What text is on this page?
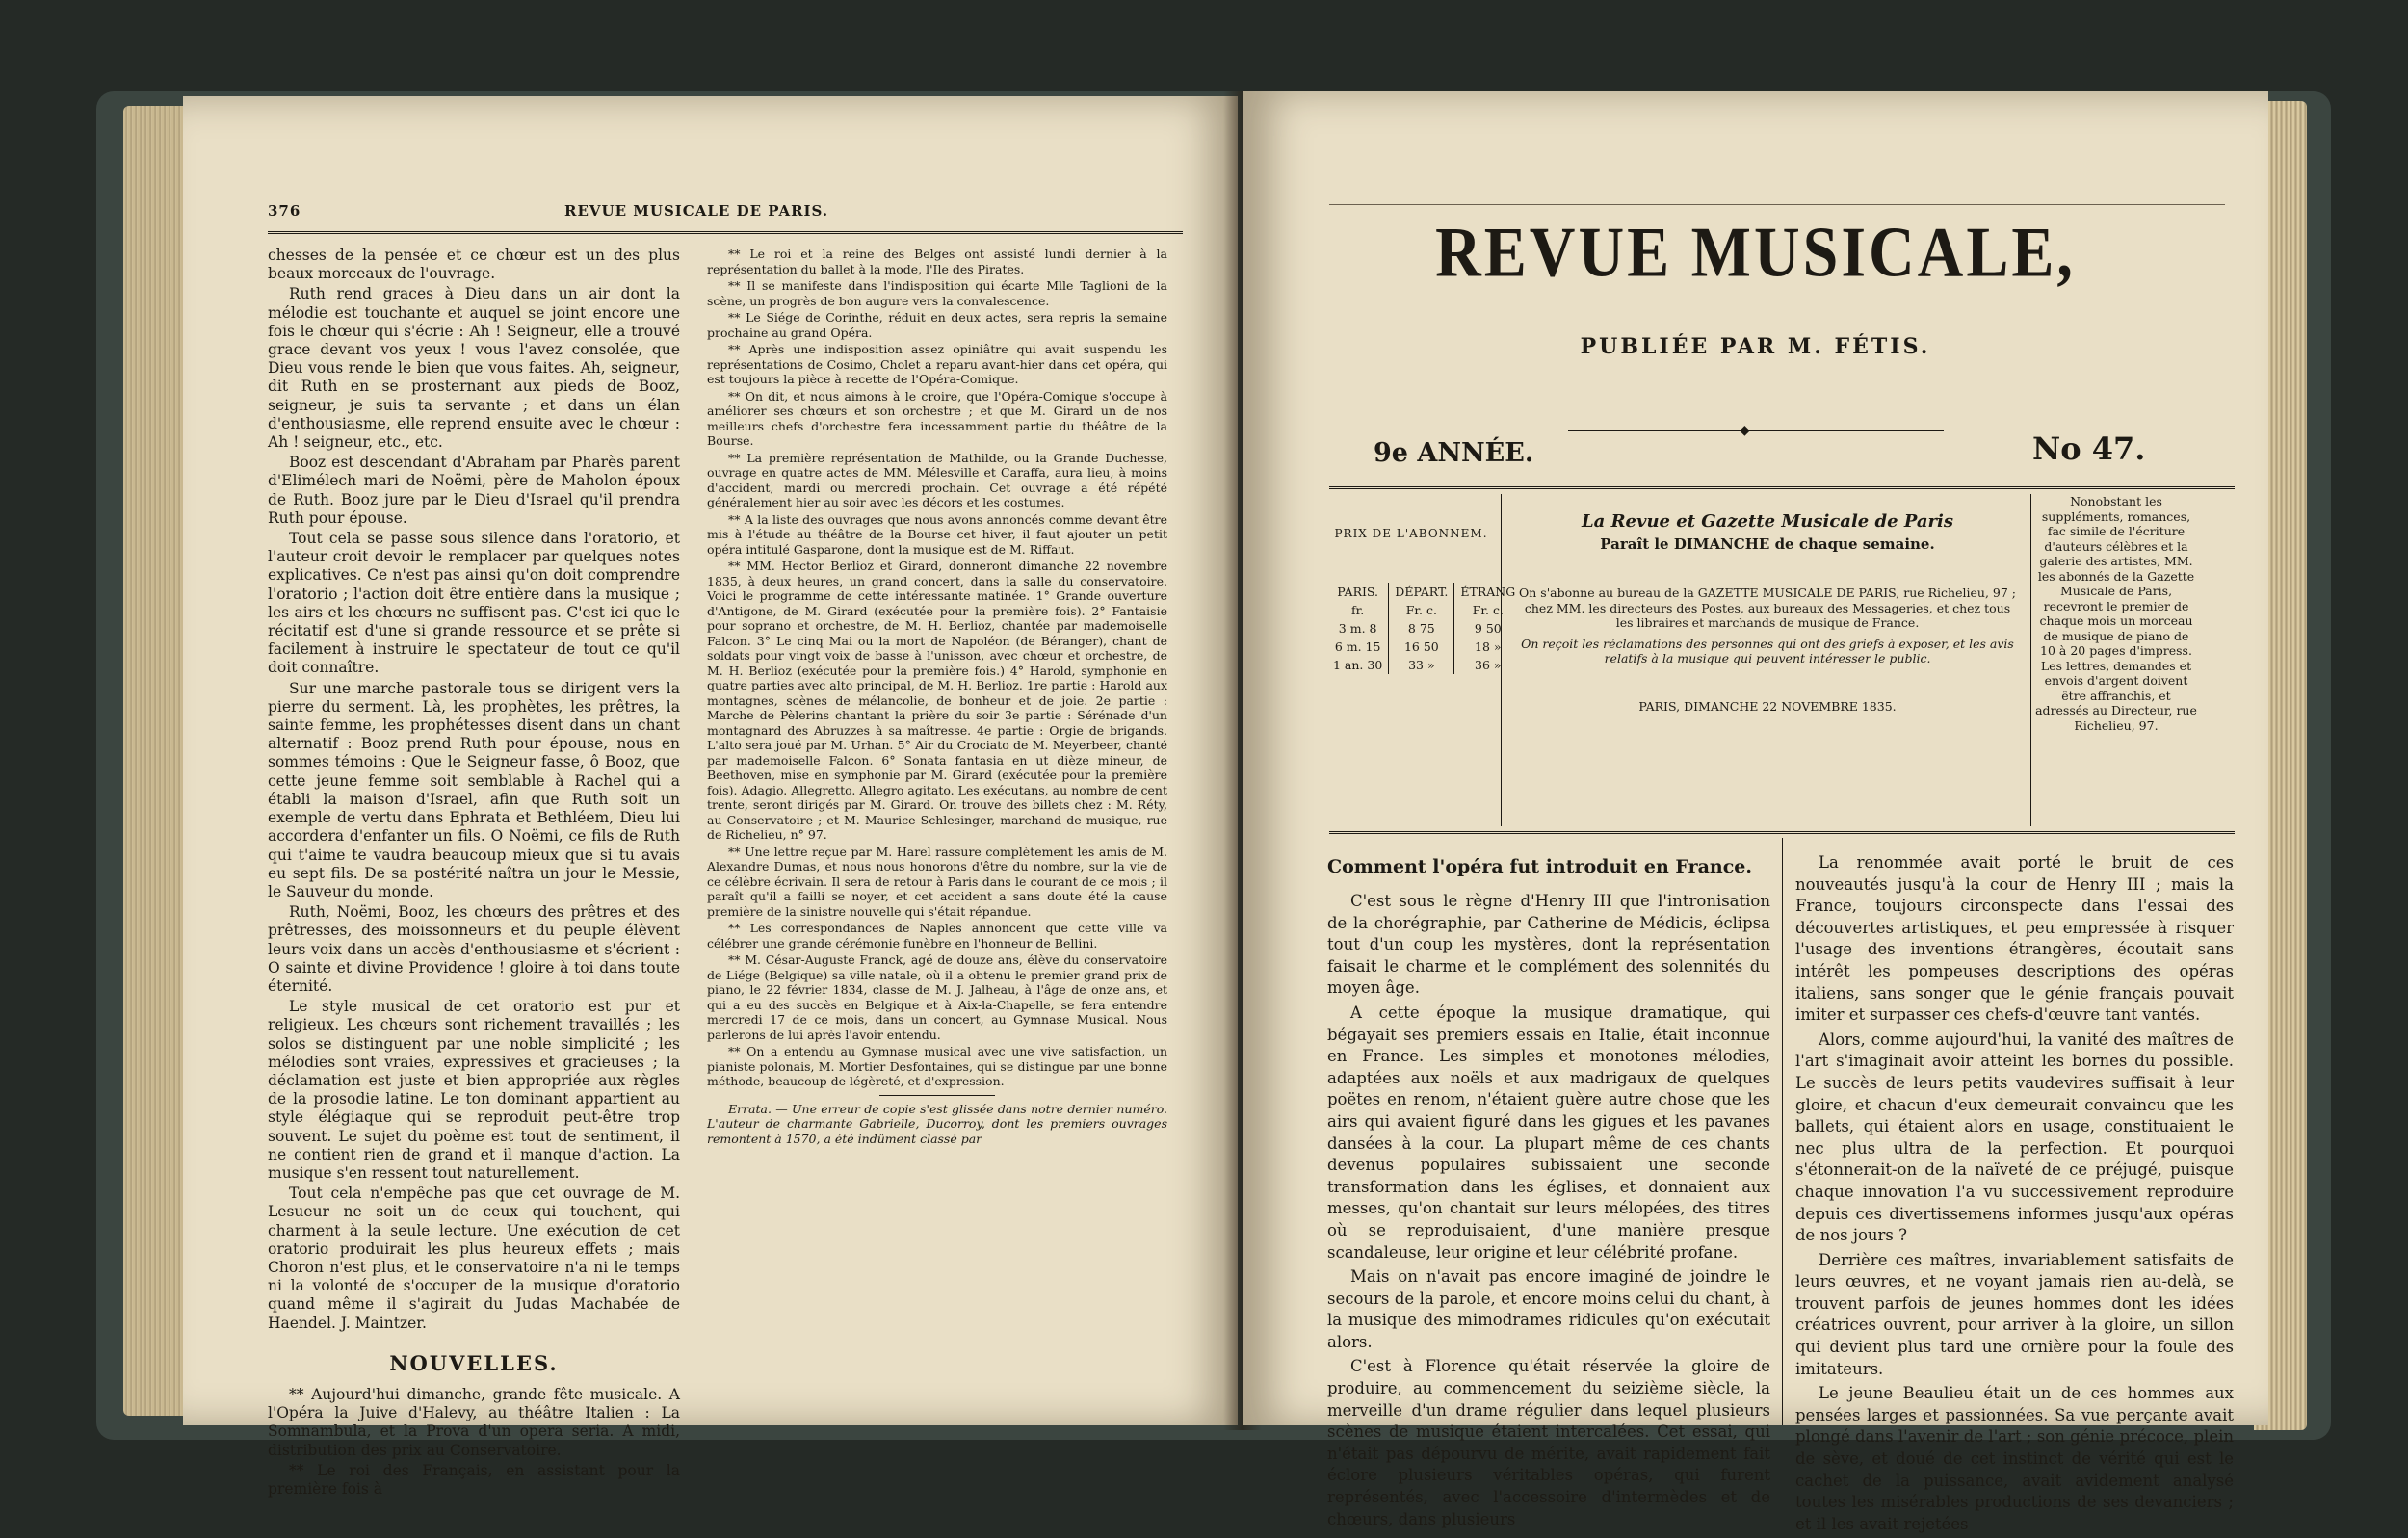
376	REVUE MUSICALE DE PARIS.

chesses de la pensée et ce chœur est un des plus beaux morceaux de l'ouvrage.

Ruth rend graces à Dieu dans un air dont la mélodie est touchante et auquel se joint encore une fois le chœur qui s'écrie : Ah ! Seigneur, elle a trouvé grace devant vos yeux ! vous l'avez consolée, que Dieu vous rende le bien que vous faites. Ah, seigneur, dit Ruth en se prosternant aux pieds de Booz, seigneur, je suis ta servante ; et dans un élan d'enthousiasme, elle reprend ensuite avec le chœur : Ah ! seigneur, etc., etc.

Booz est descendant d'Abraham par Pharès parent d'Elimélech mari de Noëmi, père de Maholon époux de Ruth. Booz jure par le Dieu d'Israel qu'il prendra Ruth pour épouse.

Tout cela se passe sous silence dans l'oratorio, et l'auteur croit devoir le remplacer par quelques notes explicatives. Ce n'est pas ainsi qu'on doit comprendre l'oratorio ; l'action doit être entière dans la musique ; les airs et les chœurs ne suffisent pas. C'est ici que le récitatif est d'une si grande ressource et se prête si facilement à instruire le spectateur de tout ce qu'il doit connaître.

Sur une marche pastorale tous se dirigent vers la pierre du serment. Là, les prophètes, les prêtres, la sainte femme, les prophétesses disent dans un chant alternatif : Booz prend Ruth pour épouse, nous en sommes témoins : Que le Seigneur fasse, ô Booz, que cette jeune femme soit semblable à Rachel qui a établi la maison d'Israel, afin que Ruth soit un exemple de vertu dans Ephrata et Bethléem, Dieu lui accordera d'enfanter un fils. O Noëmi, ce fils de Ruth qui t'aime te vaudra beaucoup mieux que si tu avais eu sept fils. De sa postérité naîtra un jour le Messie, le Sauveur du monde.

Ruth, Noëmi, Booz, les chœurs des prêtres et des prêtresses, des moissonneurs et du peuple élèvent leurs voix dans un accès d'enthousiasme et s'écrient : O sainte et divine Providence ! gloire à toi dans toute éternité.

Le style musical de cet oratorio est pur et religieux. Les chœurs sont richement travaillés ; les solos se distinguent par une noble simplicité ; les mélodies sont vraies, expressives et gracieuses ; la déclamation est juste et bien appropriée aux règles de la prosodie latine. Le ton dominant appartient au style élégiaque qui se reproduit peut-être trop souvent. Le sujet du poème est tout de sentiment, il ne contient rien de grand et il manque d'action. La musique s'en ressent tout naturellement.

Tout cela n'empêche pas que cet ouvrage de M. Lesueur ne soit un de ceux qui touchent, qui charment à la seule lecture. Une exécution de cet oratorio produirait les plus heureux effets ; mais Choron n'est plus, et le conservatoire n'a ni le temps ni la volonté de s'occuper de la musique d'oratorio quand même il s'agirait du Judas Machabée de Haendel. J. Maintzer.

NOUVELLES.

** Aujourd'hui dimanche, grande fête musicale. A l'Opéra la Juive d'Halevy, au théâtre Italien : La Somnambula, et la Prova d'un opera seria. A midi, distribution des prix au Conservatoire.

** Le roi des Français, en assistant pour la première fois à

** Le roi et la reine des Belges ont assisté lundi dernier à la représentation du ballet à la mode, l'Ile des Pirates.

** Il se manifeste dans l'indisposition qui écarte Mlle Taglioni de la scène, un progrès de bon augure vers la convalescence.

** Le Siége de Corinthe, réduit en deux actes, sera repris la semaine prochaine au grand Opéra.

** Après une indisposition assez opiniâtre qui avait suspendu les représentations de Cosimo, Cholet a reparu avant-hier dans cet opéra, qui est toujours la pièce à recette de l'Opéra-Comique.

** On dit, et nous aimons à le croire, que l'Opéra-Comique s'occupe à améliorer ses chœurs et son orchestre ; et que M. Girard un de nos meilleurs chefs d'orchestre fera incessamment partie du théâtre de la Bourse.

** La première représentation de Mathilde, ou la Grande Duchesse, ouvrage en quatre actes de MM. Mélesville et Caraffa, aura lieu, à moins d'accident, mardi ou mercredi prochain. Cet ouvrage a été répété généralement hier au soir avec les décors et les costumes.

** A la liste des ouvrages que nous avons annoncés comme devant être mis à l'étude au théâtre de la Bourse cet hiver, il faut ajouter un petit opéra intitulé Gasparone, dont la musique est de M. Riffaut.

** MM. Hector Berlioz et Girard, donneront dimanche 22 novembre 1835, à deux heures, un grand concert, dans la salle du conservatoire. Voici le programme de cette intéressante matinée. 1° Grande ouverture d'Antigone, de M. Girard (exécutée pour la première fois). 2° Fantaisie pour soprano et orchestre, de M. H. Berlioz, chantée par mademoiselle Falcon. 3° Le cinq Mai ou la mort de Napoléon (de Béranger), chant de soldats pour vingt voix de basse à l'unisson, avec chœur et orchestre, de M. H. Berlioz (exécutée pour la première fois.) 4° Harold, symphonie en quatre parties avec alto principal, de M. H. Berlioz. 1re partie : Harold aux montagnes, scènes de mélancolie, de bonheur et de joie. 2e partie : Marche de Pèlerins chantant la prière du soir 3e partie : Sérénade d'un montagnard des Abruzzes à sa maîtresse. 4e partie : Orgie de brigands. L'alto sera joué par M. Urhan. 5° Air du Crociato de M. Meyerbeer, chanté par mademoiselle Falcon. 6° Sonata fantasia en ut dièze mineur, de Beethoven, mise en symphonie par M. Girard (exécutée pour la première fois). Adagio. Allegretto. Allegro agitato. Les exécutans, au nombre de cent trente, seront dirigés par M. Girard. On trouve des billets chez : M. Réty, au Conservatoire ; et M. Maurice Schlesinger, marchand de musique, rue de Richelieu, n° 97.

** Une lettre reçue par M. Harel rassure complètement les amis de M. Alexandre Dumas, et nous nous honorons d'être du nombre, sur la vie de ce célèbre écrivain. Il sera de retour à Paris dans le courant de ce mois ; il paraît qu'il a failli se noyer, et cet accident a sans doute été la cause première de la sinistre nouvelle qui s'était répandue.

** Les correspondances de Naples annoncent que cette ville va célébrer une grande cérémonie funèbre en l'honneur de Bellini.

** M. César-Auguste Franck, agé de douze ans, élève du conservatoire de Liége (Belgique) sa ville natale, où il a obtenu le premier grand prix de piano, le 22 février 1834, classe de M. J. Jalheau, à l'âge de onze ans, et qui a eu des succès en Belgique et à Aix-la-Chapelle, se fera entendre mercredi 17 de ce mois, dans un concert, au Gymnase Musical. Nous parlerons de lui après l'avoir entendu.

** On a entendu au Gymnase musical avec une vive satisfaction, un pianiste polonais, M. Mortier Desfontaines, qui se distingue par une bonne méthode, beaucoup de légèreté, et d'expression.

Errata. — Une erreur de copie s'est glissée dans notre dernier numéro. L'auteur de charmante Gabrielle, Ducorroy, dont les premiers ouvrages remontent à 1570, a été indûment classé par

REVUE MUSICALE,
PUBLIÉE PAR M. FÉTIS.
◆
9e ANNÉE.	No 47.
PRIX DE L'ABONNEM.
PARIS.	DÉPART.	ÉTRANG
fr.	Fr. c.	Fr. c.
3 m. 8	8 75	9 50
6 m. 15	16 50	18 »
1 an. 30	33 »	36 »
La Revue et Gazette Musicale de Paris
Paraît le DIMANCHE de chaque semaine.
On s'abonne au bureau de la GAZETTE MUSICALE DE PARIS, rue Richelieu, 97 ; chez MM. les directeurs des Postes, aux bureaux des Messageries, et chez tous les libraires et marchands de musique de France.
On reçoit les réclamations des personnes qui ont des griefs à exposer, et les avis relatifs à la musique qui peuvent intéresser le public.
PARIS, DIMANCHE 22 NOVEMBRE 1835.
Nonobstant les suppléments, romances, fac simile de l'écriture d'auteurs célèbres et la galerie des artistes, MM. les abonnés de la Gazette Musicale de Paris, recevront le premier de chaque mois un morceau de musique de piano de 10 à 20 pages d'impress. Les lettres, demandes et envois d'argent doivent être affranchis, et adressés au Directeur, rue Richelieu, 97.
Comment l'opéra fut introduit en France.

C'est sous le règne d'Henry III que l'intronisation de la chorégraphie, par Catherine de Médicis, éclipsa tout d'un coup les mystères, dont la représentation faisait le charme et le complément des solennités du moyen âge.

A cette époque la musique dramatique, qui bégayait ses premiers essais en Italie, était inconnue en France. Les simples et monotones mélodies, adaptées aux noëls et aux madrigaux de quelques poëtes en renom, n'étaient guère autre chose que les airs qui avaient figuré dans les gigues et les pavanes dansées à la cour. La plupart même de ces chants devenus populaires subissaient une seconde transformation dans les églises, et donnaient aux messes, qu'on chantait sur leurs mélopées, des titres où se reproduisaient, d'une manière presque scandaleuse, leur origine et leur célébrité profane.

Mais on n'avait pas encore imaginé de joindre le secours de la parole, et encore moins celui du chant, à la musique des mimodrames ridicules qu'on exécutait alors.

C'est à Florence qu'était réservée la gloire de produire, au commencement du seizième siècle, la merveille d'un drame régulier dans lequel plusieurs scènes de musique étaient intercalées. Cet essai, qui n'était pas dépourvu de mérite, avait rapidement fait éclore plusieurs véritables opéras, qui furent représentés, avec l'accessoire d'intermèdes et de chœurs, dans plusieurs

La renommée avait porté le bruit de ces nouveautés jusqu'à la cour de Henry III ; mais la France, toujours circonspecte dans l'essai des découvertes artistiques, et peu empressée à risquer l'usage des inventions étrangères, écoutait sans intérêt les pompeuses descriptions des opéras italiens, sans songer que le génie français pouvait imiter et surpasser ces chefs-d'œuvre tant vantés.

Alors, comme aujourd'hui, la vanité des maîtres de l'art s'imaginait avoir atteint les bornes du possible. Le succès de leurs petits vaudevires suffisait à leur gloire, et chacun d'eux demeurait convaincu que les ballets, qui étaient alors en usage, constituaient le nec plus ultra de la perfection. Et pourquoi s'étonnerait-on de la naïveté de ce préjugé, puisque chaque innovation l'a vu successivement reproduire depuis ces divertissemens informes jusqu'aux opéras de nos jours ?

Derrière ces maîtres, invariablement satisfaits de leurs œuvres, et ne voyant jamais rien au-delà, se trouvent parfois de jeunes hommes dont les idées créatrices ouvrent, pour arriver à la gloire, un sillon qui devient plus tard une ornière pour la foule des imitateurs.

Le jeune Beaulieu était un de ces hommes aux pensées larges et passionnées. Sa vue perçante avait plongé dans l'avenir de l'art ; son génie précoce, plein de sève, et doué de cet instinct de vérité qui est le cachet de la puissance, avait avidement analysé toutes les misérables productions de ses devanciers ; et il les avait rejetées
